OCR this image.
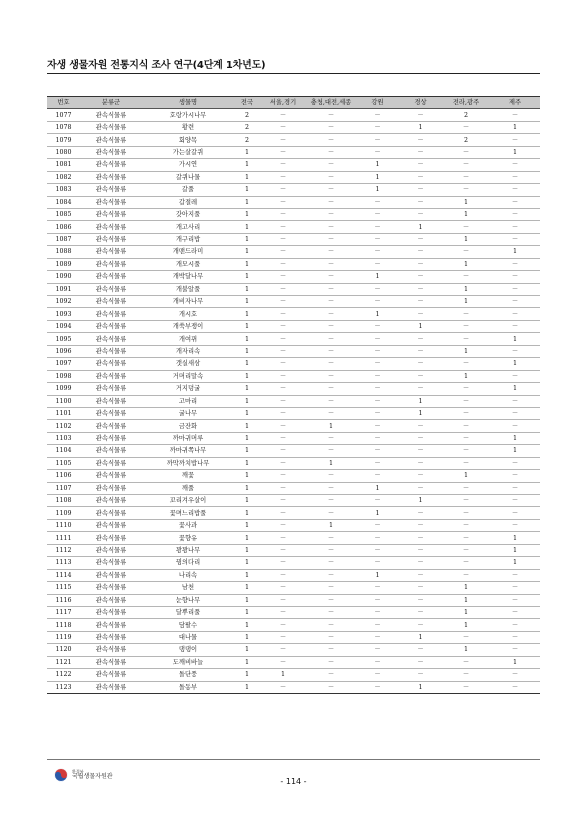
자생 생물자원 전통지식 조사 연구(4단계 1차년도)
번호	분류군	생물명	전국	서울,경기	충청,대전,세종	강원	경상	전라,광주	제주
1077	관속식물류	호랑가시나무	2	－	－	－	－	2	－
1078	관속식물류	황련	2	－	－	－	1	－	1
1079	관속식물류	회양목	2	－	－	－	－	2	－
1080	관속식물류	가는살갈퀴	1	－	－	－	－	－	1
1081	관속식물류	가시연	1	－	－	1	－	－	－
1082	관속식물류	갈퀴나물	1	－	－	1	－	－	－
1083	관속식물류	갈풀	1	－	－	1	－	－	－
1084	관속식물류	갑절레	1	－	－	－	－	1	－
1085	관속식물류	갓아지풀	1	－	－	－	－	1	－
1086	관속식물류	개고사리	1	－	－	－	1	－	－
1087	관속식물류	개구리밥	1	－	－	－	－	1	－
1088	관속식물류	개맨드라미	1	－	－	－	－	－	1
1089	관속식물류	개모시풀	1	－	－	－	－	1	－
1090	관속식물류	개박달나무	1	－	－	1	－	－	－
1091	관속식물류	개불알풀	1	－	－	－	－	1	－
1092	관속식물류	개비자나무	1	－	－	－	－	1	－
1093	관속식물류	개시호	1	－	－	1	－	－	－
1094	관속식물류	개쑥부쟁이	1	－	－	－	1	－	－
1095	관속식물류	개여뀌	1	－	－	－	－	－	1
1096	관속식물류	개자리속	1	－	－	－	－	1	－
1097	관속식물류	갯실새삼	1	－	－	－	－	－	1
1098	관속식물류	거머리말속	1	－	－	－	－	1	－
1099	관속식물류	거지덩굴	1	－	－	－	－	－	1
1100	관속식물류	고마리	1	－	－	－	1	－	－
1101	관속식물류	굴나무	1	－	－	－	1	－	－
1102	관속식물류	금잔화	1	－	1	－	－	－	－
1103	관속식물류	까마귀머루	1	－	－	－	－	－	1
1104	관속식물류	까마귀쪽나무	1	－	－	－	－	－	1
1105	관속식물류	까막까치밥나무	1	－	1	－	－	－	－
1106	관속식물류	깨꽃	1	－	－	－	－	1	－
1107	관속식물류	깨풀	1	－	－	1	－	－	－
1108	관속식물류	꼬리겨우살이	1	－	－	－	1	－	－
1109	관속식물류	꽃며느리밥풀	1	－	－	1	－	－	－
1110	관속식물류	꽃사과	1	－	1	－	－	－	－
1111	관속식물류	꽃향유	1	－	－	－	－	－	1
1112	관속식물류	꽝꽝나무	1	－	－	－	－	－	1
1113	관속식물류	꿩의다리	1	－	－	－	－	－	1
1114	관속식물류	나리속	1	－	－	1	－	－	－
1115	관속식물류	남천	1	－	－	－	－	1	－
1116	관속식물류	눈향나무	1	－	－	－	－	1	－
1117	관속식물류	달뿌리풀	1	－	－	－	－	1	－
1118	관속식물류	담팔수	1	－	－	－	－	1	－
1119	관속식물류	대나물	1	－	－	－	1	－	－
1120	관속식물류	댕댕이	1	－	－	－	－	1	－
1121	관속식물류	도깨비바늘	1	－	－	－	－	－	1
1122	관속식물류	돌단풍	1	1	－	－	－	－	－
1123	관속식물류	돌동부	1	－	－	－	1	－	－
환경부
국립생물자원관
- 114 -
